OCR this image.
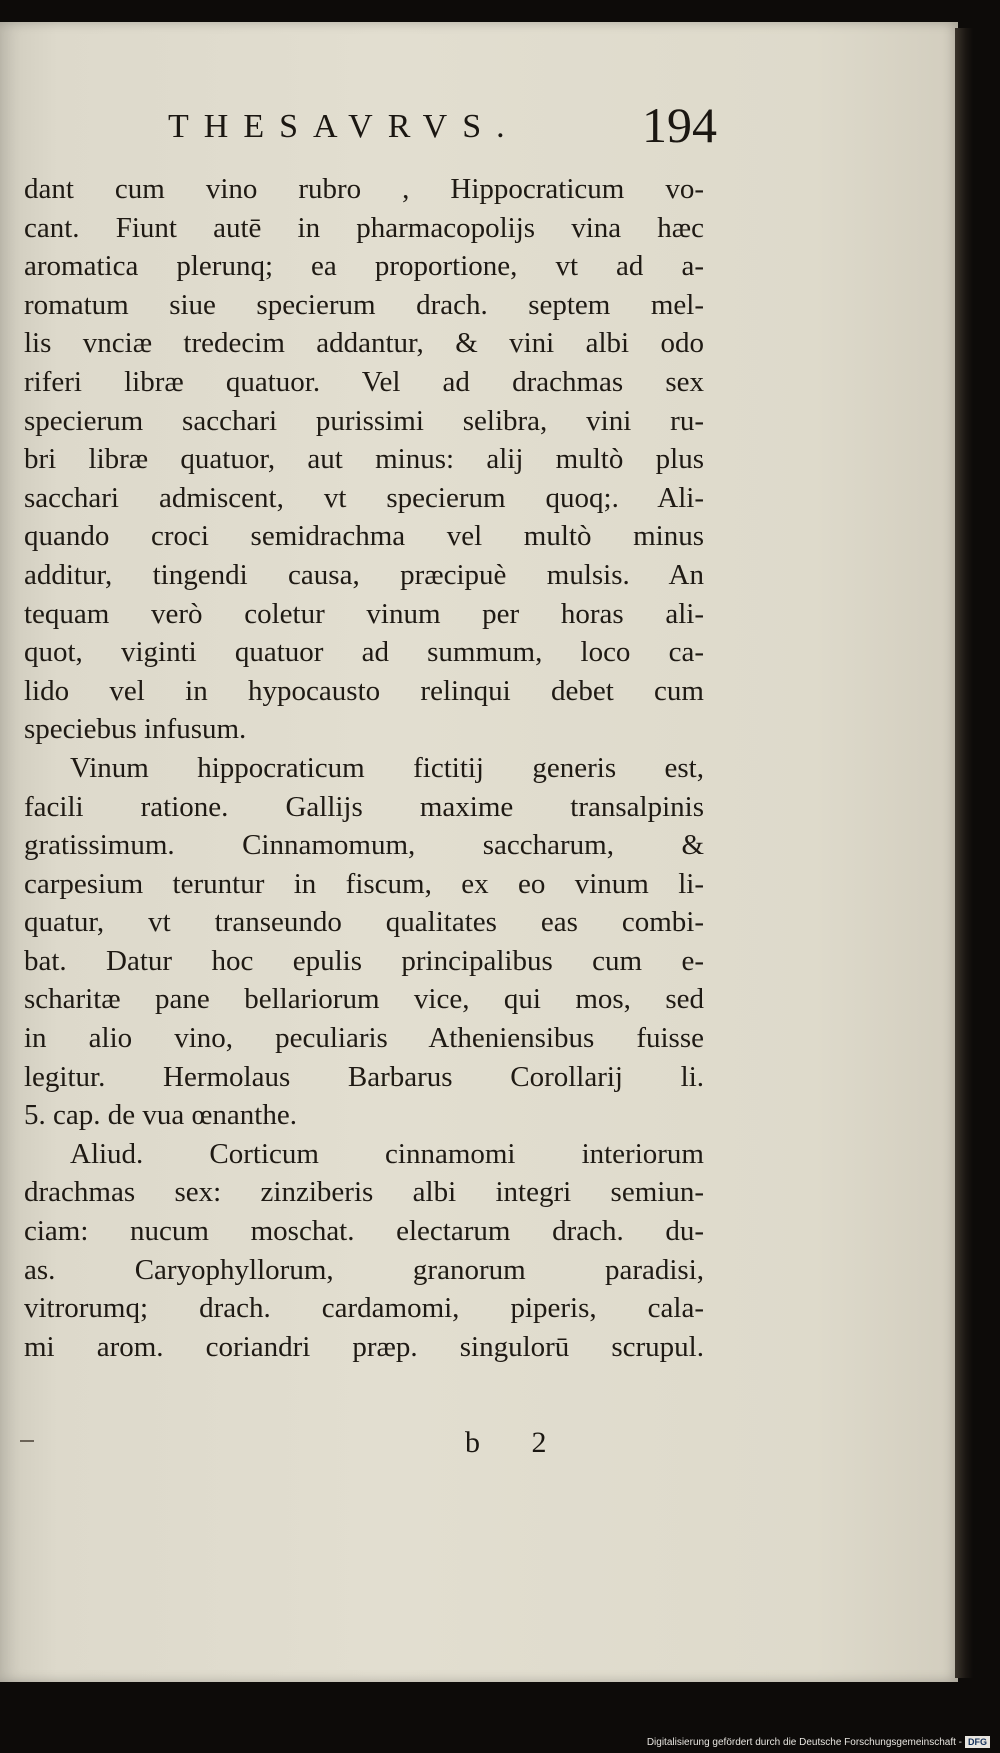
THESAVRVS. 194
dant cum vino rubro , Hippocraticum vo-
cant. Fiunt autē in pharmacopolijs vina hæc
aromatica plerunq; ea proportione, vt ad a-
romatum siue specierum drach. septem mel-
lis vnciæ tredecim addantur, & vini albi odo
riferi libræ quatuor. Vel ad drachmas sex
specierum sacchari purissimi selibra, vini ru-
bri libræ quatuor, aut minus: alij multò plus
sacchari admiscent, vt specierum quoq;. Ali-
quando croci semidrachma vel multò minus
additur, tingendi causa, præcipuè mulsis. An
tequam verò coletur vinum per horas ali-
quot, viginti quatuor ad summum, loco ca-
lido vel in hypocausto relinqui debet cum
speciebus infusum.
Vinum hippocraticum fictitij generis est,
facili ratione. Gallijs maxime transalpinis
gratissimum. Cinnamomum, saccharum, &
carpesium teruntur in fiscum, ex eo vinum li-
quatur, vt transeundo qualitates eas combi-
bat. Datur hoc epulis principalibus cum e-
scharitæ pane bellariorum vice, qui mos, sed
in alio vino, peculiaris Atheniensibus fuisse
legitur. Hermolaus Barbarus Corollarij li.
5. cap. de vua œnanthe.
Aliud. Corticum cinnamomi interiorum
drachmas sex: zinziberis albi integri semiun-
ciam: nucum moschat. electarum drach. du-
as. Caryophyllorum, granorum paradisi,
vitrorumq; drach. cardamomi, piperis, cala-
mi arom. coriandri præp. singulorū scrupul.
b 2
Digitalisierung gefördert durch die Deutsche Forschungsgemeinschaft - DFG
